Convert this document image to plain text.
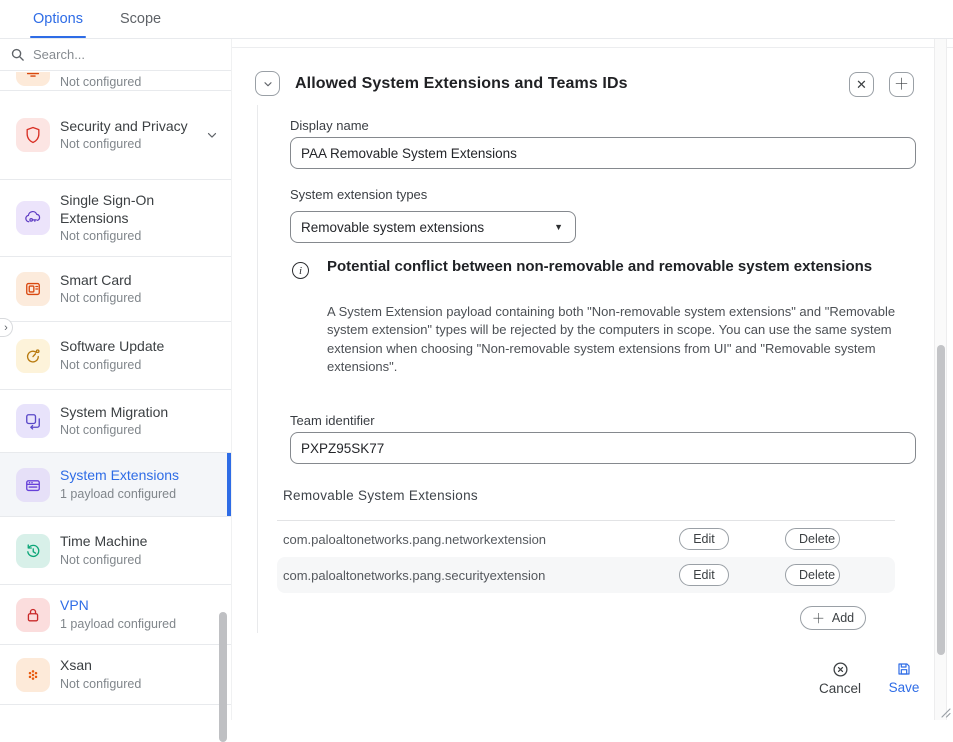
Options	Scope
›
Search...
Not configured
Security and Privacy
Not configured
Single Sign-On Extensions
Not configured
Smart Card
Not configured
Software Update
Not configured
System Migration
Not configured
System Extensions
1 payload configured
Time Machine
Not configured
VPN
1 payload configured
Xsan
Not configured
Allowed System Extensions and Teams IDs	✕ ＋
Display name
PAA Removable System Extensions
System extension types
Removable system extensions	▼
i	Potential conflict between non-removable and removable system extensions
A System Extension payload containing both "Non-removable system extensions" and "Removable system extension" types will be rejected by the computers in scope. You can use the same system extension when choosing "Non-removable system extensions from UI" and "Removable system extensions".
Team identifier
PXPZ95SK77
Removable System Extensions
com.paloaltonetworks.pang.networkextension	Edit	Delete
com.paloaltonetworks.pang.securityextension	Edit	Delete
＋ Add
Cancel Save
